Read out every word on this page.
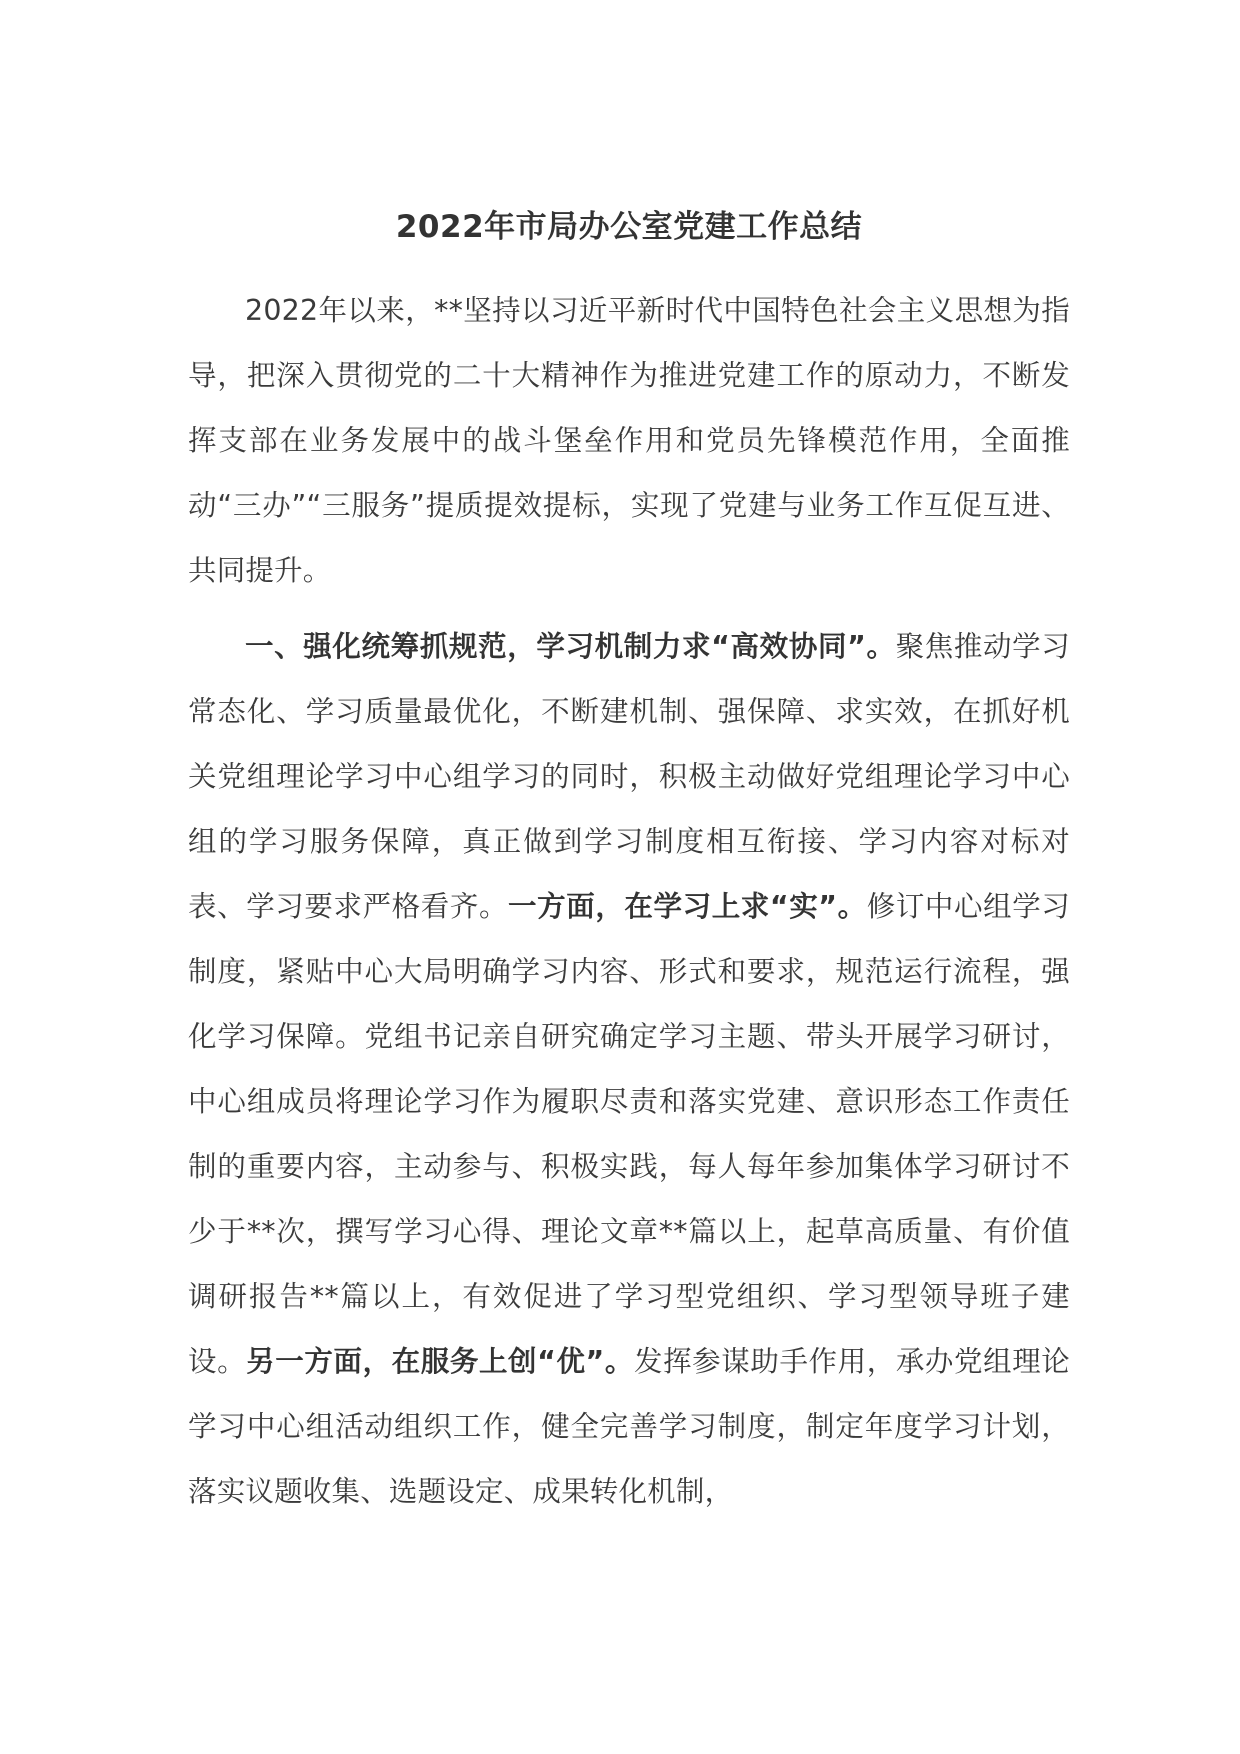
2022年市局办公室党建工作总结

2022年以来，**坚持以习近平新时代中国特色社会主义思想为指导，把深入贯彻党的二十大精神作为推进党建工作的原动力，不断发挥支部在业务发展中的战斗堡垒作用和党员先锋模范作用，全面推动“三办”“三服务”提质提效提标，实现了党建与业务工作互促互进、共同提升。

一、强化统筹抓规范，学习机制力求“高效协同”。聚焦推动学习常态化、学习质量最优化，不断建机制、强保障、求实效，在抓好机关党组理论学习中心组学习的同时，积极主动做好党组理论学习中心组的学习服务保障，真正做到学习制度相互衔接、学习内容对标对表、学习要求严格看齐。一方面，在学习上求“实”。修订中心组学习制度，紧贴中心大局明确学习内容、形式和要求，规范运行流程，强化学习保障。党组书记亲自研究确定学习主题、带头开展学习研讨，中心组成员将理论学习作为履职尽责和落实党建、意识形态工作责任制的重要内容，主动参与、积极实践，每人每年参加集体学习研讨不少于**次，撰写学习心得、理论文章**篇以上，起草高质量、有价值调研报告**篇以上，有效促进了学习型党组织、学习型领导班子建设。另一方面，在服务上创“优”。发挥参谋助手作用，承办党组理论学习中心组活动组织工作，健全完善学习制度，制定年度学习计划，落实议题收集、选题设定、成果转化机制，
